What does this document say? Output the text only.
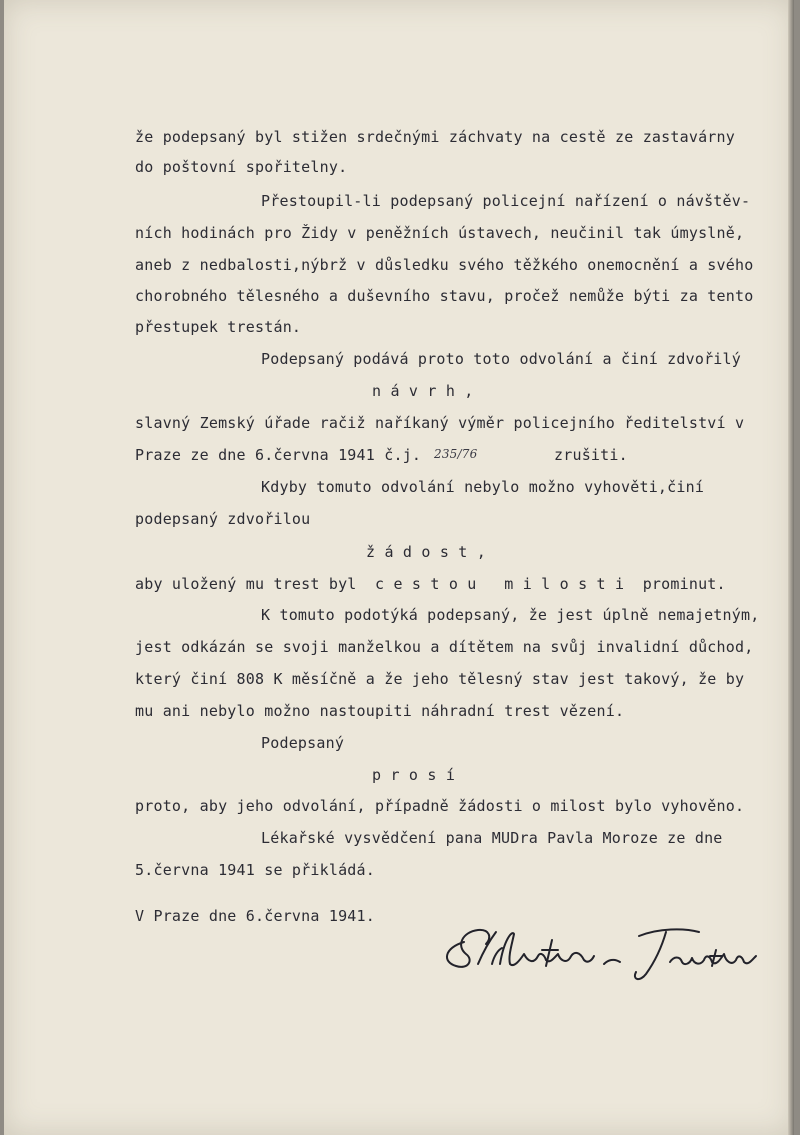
že podepsaný byl stižen srdečnými záchvaty na cestě ze zastavárny
do poštovní spořitelny.
Přestoupil-li podepsaný policejní nařízení o návštěv-
ních hodinách pro Židy v peněžních ústavech, neučinil tak úmyslně,
aneb z nedbalosti,nýbrž v důsledku svého těžkého onemocnění a svého
chorobného tělesného a duševního stavu, pročež nemůže býti za tento
přestupek trestán.
Podepsaný podává proto toto odvolání a činí zdvořilý
n á v r h ,
slavný Zemský úřade račiž naříkaný výměr policejního ředitelství v
Praze ze dne 6.června 1941 č.j. 235/76	zrušiti.
Kdyby tomuto odvolání nebylo možno vyhověti,činí
podepsaný zdvořilou
ž á d o s t ,
aby uložený mu trest byl  c e s t o u   m i l o s t i  prominut.
K tomuto podotýká podepsaný, že jest úplně nemajetným,
jest odkázán se svoji manželkou a dítětem na svůj invalidní důchod,
který činí 808 K měsíčně a že jeho tělesný stav jest takový, že by
mu ani nebylo možno nastoupiti náhradní trest vězení.
Podepsaný
p r o s í
proto, aby jeho odvolání, případně žádosti o milost bylo vyhověno.
Lékařské vysvědčení pana MUDra Pavla Moroze ze dne
5.června 1941 se přikládá.
V Praze dne 6.června 1941.
